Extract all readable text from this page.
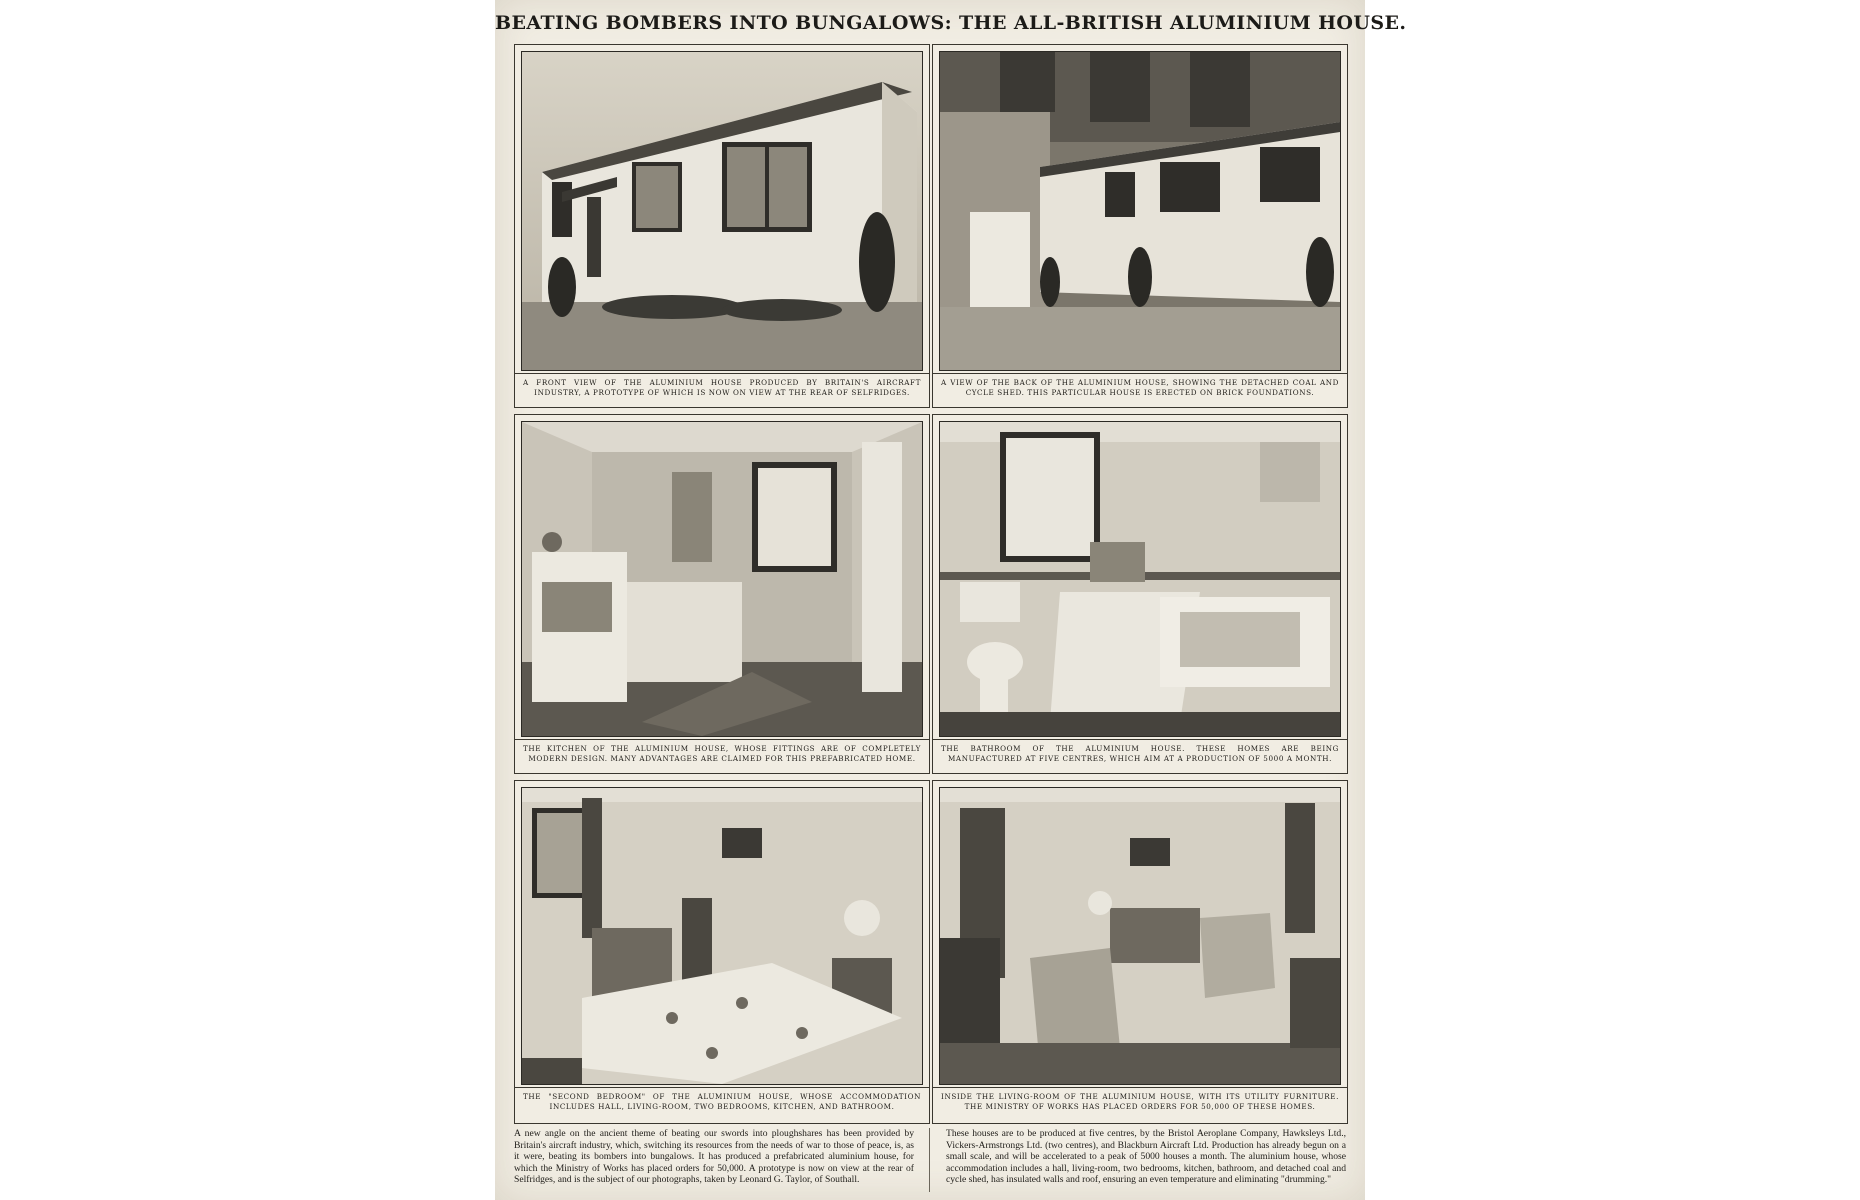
BEATING BOMBERS INTO BUNGALOWS: THE ALL-BRITISH ALUMINIUM HOUSE.
A FRONT VIEW OF THE ALUMINIUM HOUSE PRODUCED BY BRITAIN'S AIRCRAFT INDUSTRY, A PROTOTYPE OF WHICH IS NOW ON VIEW AT THE REAR OF SELFRIDGES.
A VIEW OF THE BACK OF THE ALUMINIUM HOUSE, SHOWING THE DETACHED COAL AND CYCLE SHED. THIS PARTICULAR HOUSE IS ERECTED ON BRICK FOUNDATIONS.
THE KITCHEN OF THE ALUMINIUM HOUSE, WHOSE FITTINGS ARE OF COMPLETELY MODERN DESIGN. MANY ADVANTAGES ARE CLAIMED FOR THIS PREFABRICATED HOME.
THE BATHROOM OF THE ALUMINIUM HOUSE. THESE HOMES ARE BEING MANUFACTURED AT FIVE CENTRES, WHICH AIM AT A PRODUCTION OF 5000 A MONTH.
THE "SECOND BEDROOM" OF THE ALUMINIUM HOUSE, WHOSE ACCOMMODATION INCLUDES HALL, LIVING-ROOM, TWO BEDROOMS, KITCHEN, AND BATHROOM.
INSIDE THE LIVING-ROOM OF THE ALUMINIUM HOUSE, WITH ITS UTILITY FURNITURE. THE MINISTRY OF WORKS HAS PLACED ORDERS FOR 50,000 OF THESE HOMES.
A new angle on the ancient theme of beating our swords into ploughshares has been provided by Britain's aircraft industry, which, switching its resources from the needs of war to those of peace, is, as it were, beating its bombers into bungalows. It has produced a prefabricated aluminium house, for which the Ministry of Works has placed orders for 50,000. A prototype is now on view at the rear of Selfridges, and is the subject of our photographs, taken by Leonard G. Taylor, of Southall.
These houses are to be produced at five centres, by the Bristol Aeroplane Company, Hawksleys Ltd., Vickers-Armstrongs Ltd. (two centres), and Blackburn Aircraft Ltd. Production has already begun on a small scale, and will be accelerated to a peak of 5000 houses a month. The aluminium house, whose accommodation includes a hall, living-room, two bedrooms, kitchen, bathroom, and detached coal and cycle shed, has insulated walls and roof, ensuring an even temperature and eliminating "drumming."
